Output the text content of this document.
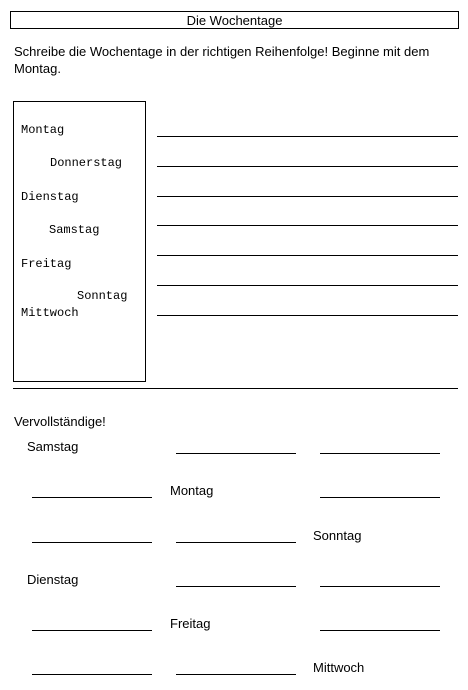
Die Wochentage
Schreibe die Wochentage in der richtigen Reihenfolge! Beginne mit dem Montag.
Montag
Donnerstag
Dienstag
Samstag
Freitag
Sonntag
Mittwoch
Vervollständige!
Samstag
Montag
Sonntag
Dienstag
Freitag
Mittwoch
